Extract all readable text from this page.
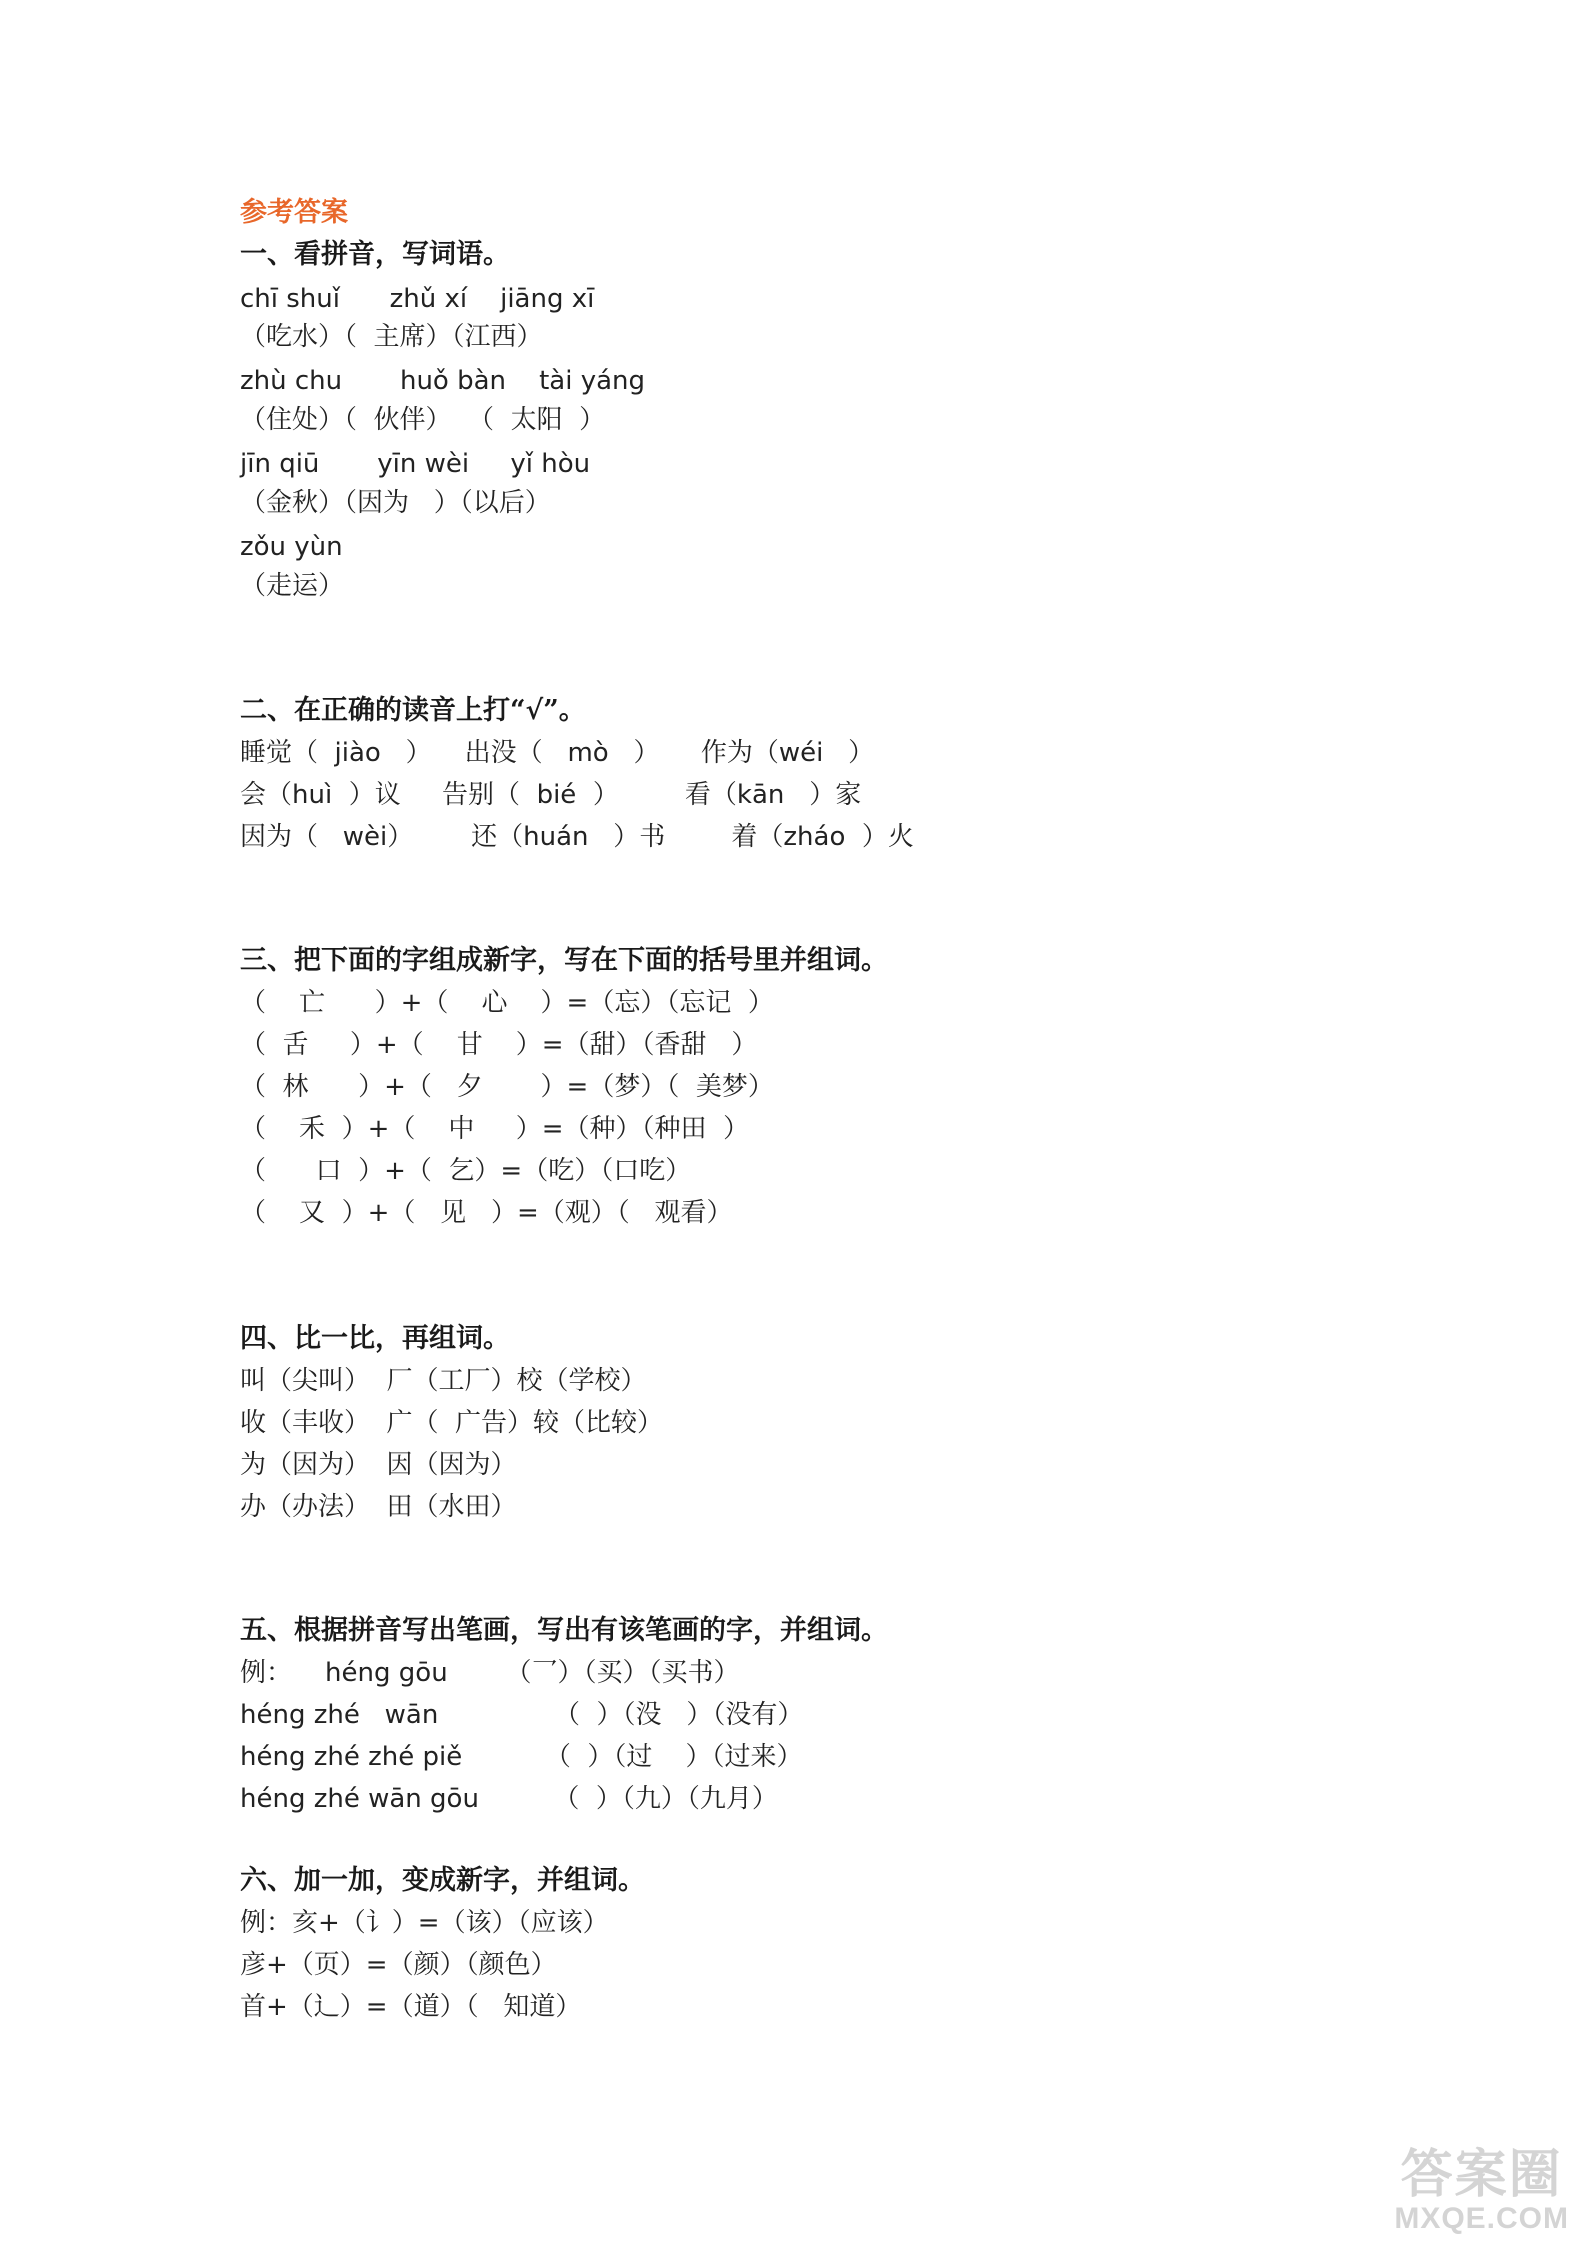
参考答案
一、看拼音，写词语。
chī shuǐ      zhǔ xí    jiāng xī
（吃水）（  主席）（江西）
zhù chu       huǒ bàn    tài yáng
（住处）（  伙伴）  （  太阳  ）
jīn qiū       yīn wèi     yǐ hòu
（金秋）（因为   ）（以后）
zǒu yùn
（走运）
二、在正确的读音上打“√”。
睡觉（  jiào   ）    出没（   mò   ）     作为（wéi   ）
会（huì  ）议     告别（  bié  ）        看（kān   ）家
因为（   wèi）       还（huán   ）书        着（zháo  ）火
三、把下面的字组成新字，写在下面的括号里并组词。
（    亡      ）+（    心    ）=（忘）（忘记  ）
（  舌     ）+（    甘    ）=（甜）（香甜   ）
（  林      ）+（   夕       ）=（梦）（  美梦）
（    禾  ）+（    中     ）=（种）（种田  ）
（      口  ）+（  乞）=（吃）（口吃）
（    又  ）+（   见   ）=（观）（   观看）
四、比一比，再组词。
叫（尖叫）  厂（工厂）校（学校）
收（丰收）  广（  广告）较（比较）
为（因为）  因（因为）
办（办法）  田（水田）
五、根据拼音写出笔画，写出有该笔画的字，并组词。
例：    héng gōu       （乛）（买）（买书）
héng zhé   wān              （  ）（没   ）（没有）
héng zhé zhé piě          （  ）（过    ）（过来）
héng zhé wān gōu         （  ）（九）（九月）
六、加一加，变成新字，并组词。
例：亥+（讠）=（该）（应该）
彦+（页）=（颜）（颜色）
首+（辶）=（道）（   知道）
答案圈
MXQE.COM
